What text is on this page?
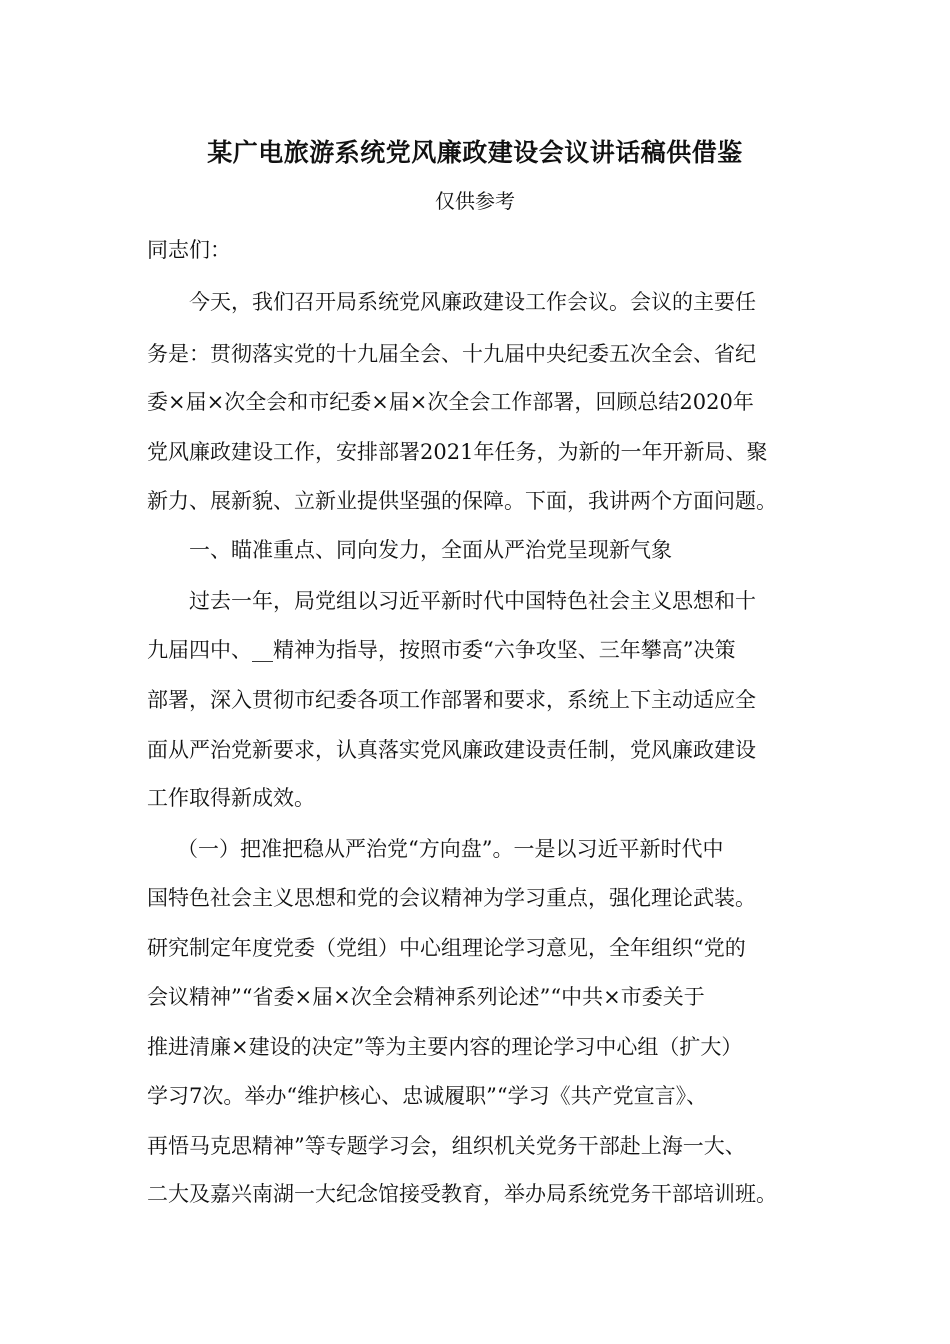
某广电旅游系统党风廉政建设会议讲话稿供借鉴
仅供参考
同志们：
今天，我们召开局系统党风廉政建设工作会议。会议的主要任
务是：贯彻落实党的十九届全会、十九届中央纪委五次全会、省纪
委×届×次全会和市纪委×届×次全会工作部署，回顾总结2020年
党风廉政建设工作，安排部署2021年任务，为新的一年开新局、聚
新力、展新貌、立新业提供坚强的保障。下面，我讲两个方面问题。
一、瞄准重点、同向发力，全面从严治党呈现新气象
过去一年，局党组以习近平新时代中国特色社会主义思想和十
九届四中、__精神为指导，按照市委“六争攻坚、三年攀高”决策
部署，深入贯彻市纪委各项工作部署和要求，系统上下主动适应全
面从严治党新要求，认真落实党风廉政建设责任制，党风廉政建设
工作取得新成效。
（一）把准把稳从严治党“方向盘”。一是以习近平新时代中
国特色社会主义思想和党的会议精神为学习重点，强化理论武装。
研究制定年度党委（党组）中心组理论学习意见，全年组织“党的
会议精神”“省委×届×次全会精神系列论述”“中共×市委关于
推进清廉×建设的决定”等为主要内容的理论学习中心组（扩大）
学习7次。举办“维护核心、忠诚履职”“学习《共产党宣言》、
再悟马克思精神”等专题学习会，组织机关党务干部赴上海一大、
二大及嘉兴南湖一大纪念馆接受教育，举办局系统党务干部培训班。
